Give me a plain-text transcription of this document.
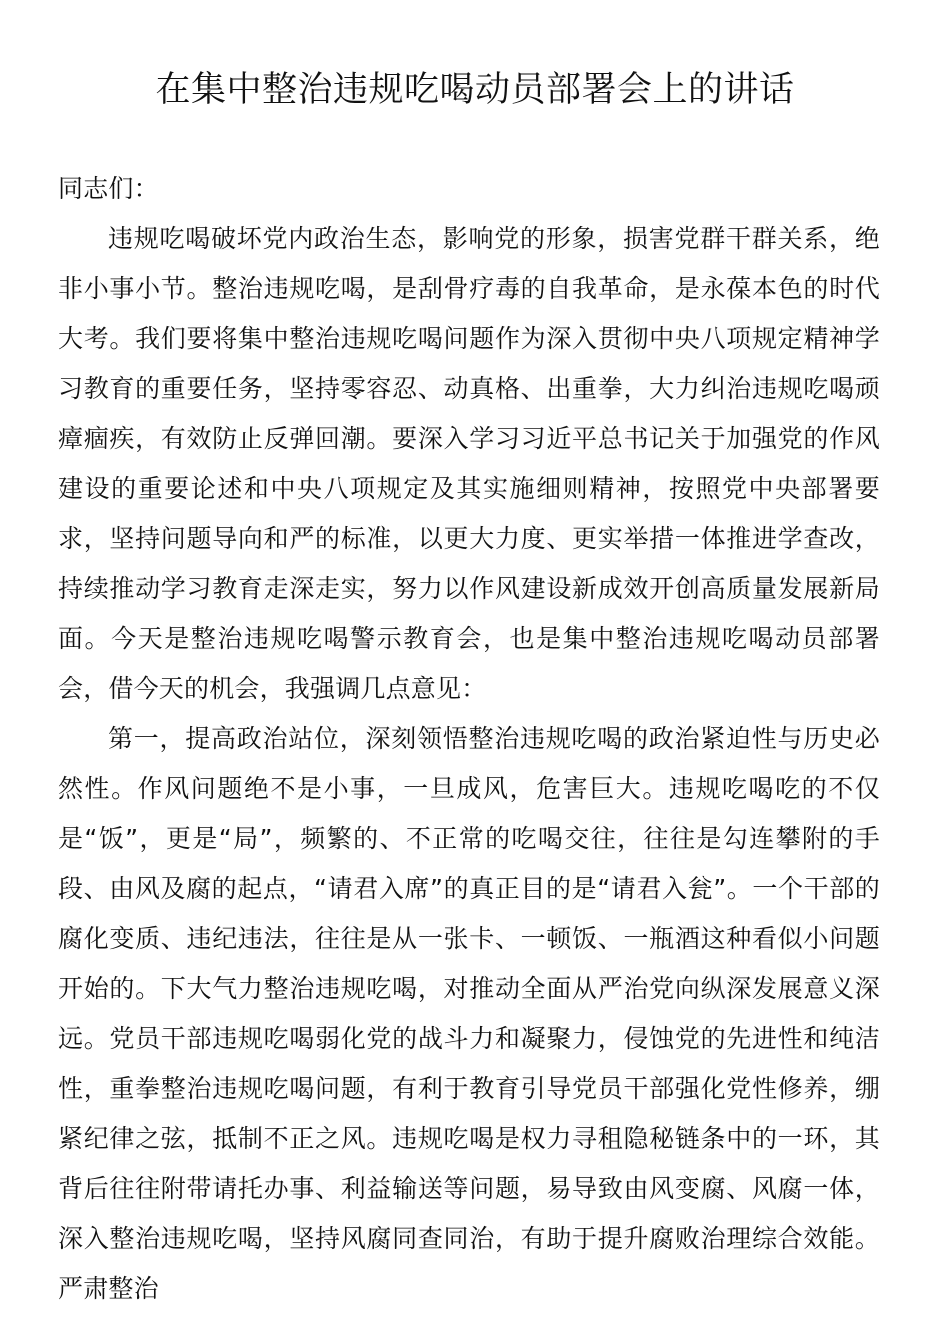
在集中整治违规吃喝动员部署会上的讲话

同志们：

违规吃喝破坏党内政治生态，影响党的形象，损害党群干群关系，绝非小事小节。整治违规吃喝，是刮骨疗毒的自我革命，是永葆本色的时代大考。我们要将集中整治违规吃喝问题作为深入贯彻中央八项规定精神学习教育的重要任务，坚持零容忍、动真格、出重拳，大力纠治违规吃喝顽瘴痼疾，有效防止反弹回潮。要深入学习习近平总书记关于加强党的作风建设的重要论述和中央八项规定及其实施细则精神，按照党中央部署要求，坚持问题导向和严的标准，以更大力度、更实举措一体推进学查改，持续推动学习教育走深走实，努力以作风建设新成效开创高质量发展新局面。今天是整治违规吃喝警示教育会，也是集中整治违规吃喝动员部署会，借今天的机会，我强调几点意见：

第一，提高政治站位，深刻领悟整治违规吃喝的政治紧迫性与历史必然性。作风问题绝不是小事，一旦成风，危害巨大。违规吃喝吃的不仅是“饭”，更是“局”，频繁的、不正常的吃喝交往，往往是勾连攀附的手段、由风及腐的起点，“请君入席”的真正目的是“请君入瓮”。一个干部的腐化变质、违纪违法，往往是从一张卡、一顿饭、一瓶酒这种看似小问题开始的。下大气力整治违规吃喝，对推动全面从严治党向纵深发展意义深远。党员干部违规吃喝弱化党的战斗力和凝聚力，侵蚀党的先进性和纯洁性，重拳整治违规吃喝问题，有利于教育引导党员干部强化党性修养，绷紧纪律之弦，抵制不正之风。违规吃喝是权力寻租隐秘链条中的一环，其背后往往附带请托办事、利益输送等问题，易导致由风变腐、风腐一体，深入整治违规吃喝，坚持风腐同查同治，有助于提升腐败治理综合效能。严肃整治
